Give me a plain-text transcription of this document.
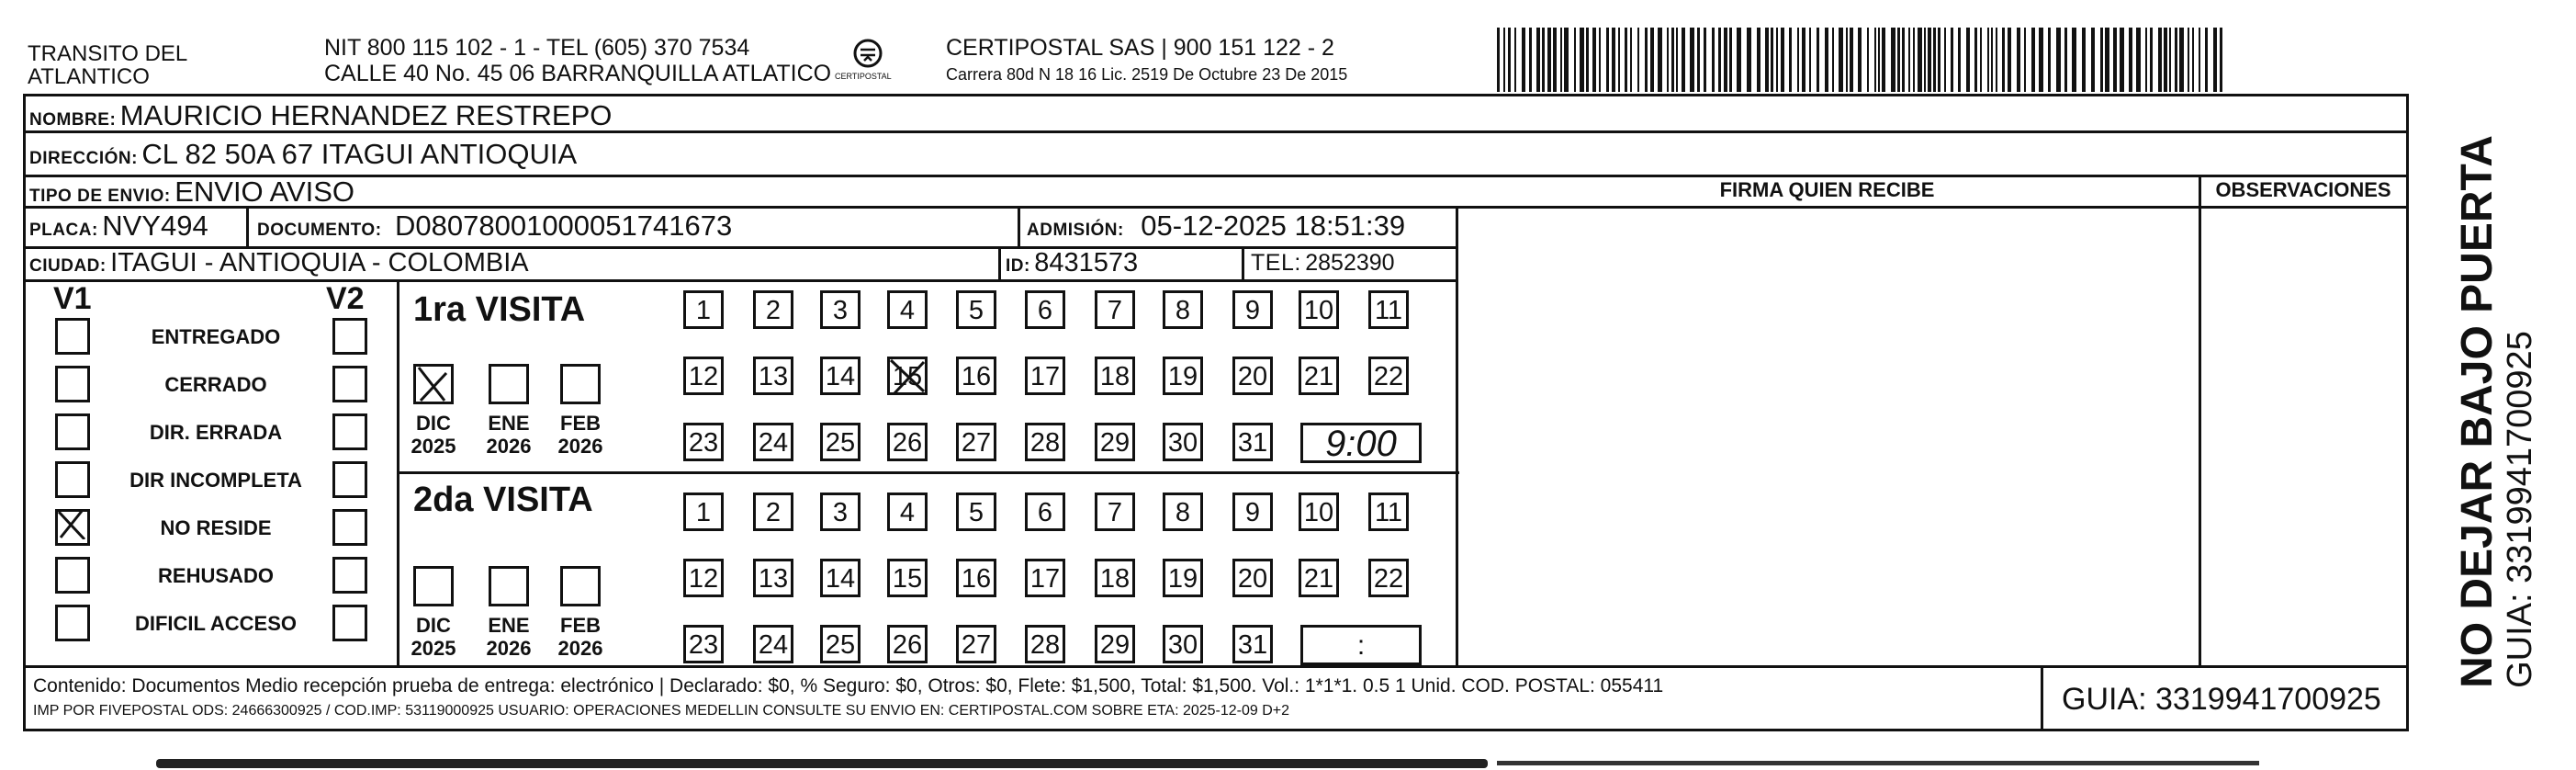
TRANSITO DEL ATLANTICO
NIT 800 115 102 - 1 - TEL (605) 370 7534
CALLE 40 No. 45 06 BARRANQUILLA ATLATICO CERTIPOSTAL
CERTIPOSTAL SAS | 900 151 122 - 2
Carrera 80d N 18 16 Lic. 2519 De Octubre 23 De 2015
NOMBRE: MAURICIO HERNANDEZ RESTREPO
DIRECCIÓN: CL 82 50A 67 ITAGUI ANTIOQUIA
TIPO DE ENVIO: ENVIO AVISO	FIRMA QUIEN RECIBE	OBSERVACIONES
PLACA: NVY494	DOCUMENTO: D08078001000051741673	ADMISIÓN: 05-12-2025 18:51:39
CIUDAD: ITAGUI - ANTIOQUIA - COLOMBIA	ID: 8431573	TEL: 2852390
V1	V2
ENTREGADO
CERRADO
DIR. ERRADA
DIR INCOMPLETA
NO RESIDE
REHUSADO
DIFICIL ACCESO
1ra VISITA
DIC
2025
ENE
2026
FEB
2026
1	2	3	4	5	6	7	8	9	10 11
12 13 14 15 16 17 18 19 20 21 22
23 24 25 26 27 28 29 30 31	9:00
2da VISITA
DIC
2025
ENE
2026
FEB
2026
1	2	3	4	5	6	7	8	9	10 11
12 13 14 15 16 17 18 19 20 21 22
23 24 25 26 27 28 29 30 31	:
Contenido: Documentos Medio recepción prueba de entrega: electrónico | Declarado: $0, % Seguro: $0, Otros: $0, Flete: $1,500, Total: $1,500. Vol.: 1*1*1. 0.5 1 Unid. COD. POSTAL: 055411
IMP POR FIVEPOSTAL ODS: 24666300925 / COD.IMP: 53119000925 USUARIO: OPERACIONES MEDELLIN CONSULTE SU ENVIO EN: CERTIPOSTAL.COM SOBRE ETA: 2025-12-09 D+2	GUIA: 3319941700925
NO DEJAR BAJO PUERTA GUIA: 3319941700925
